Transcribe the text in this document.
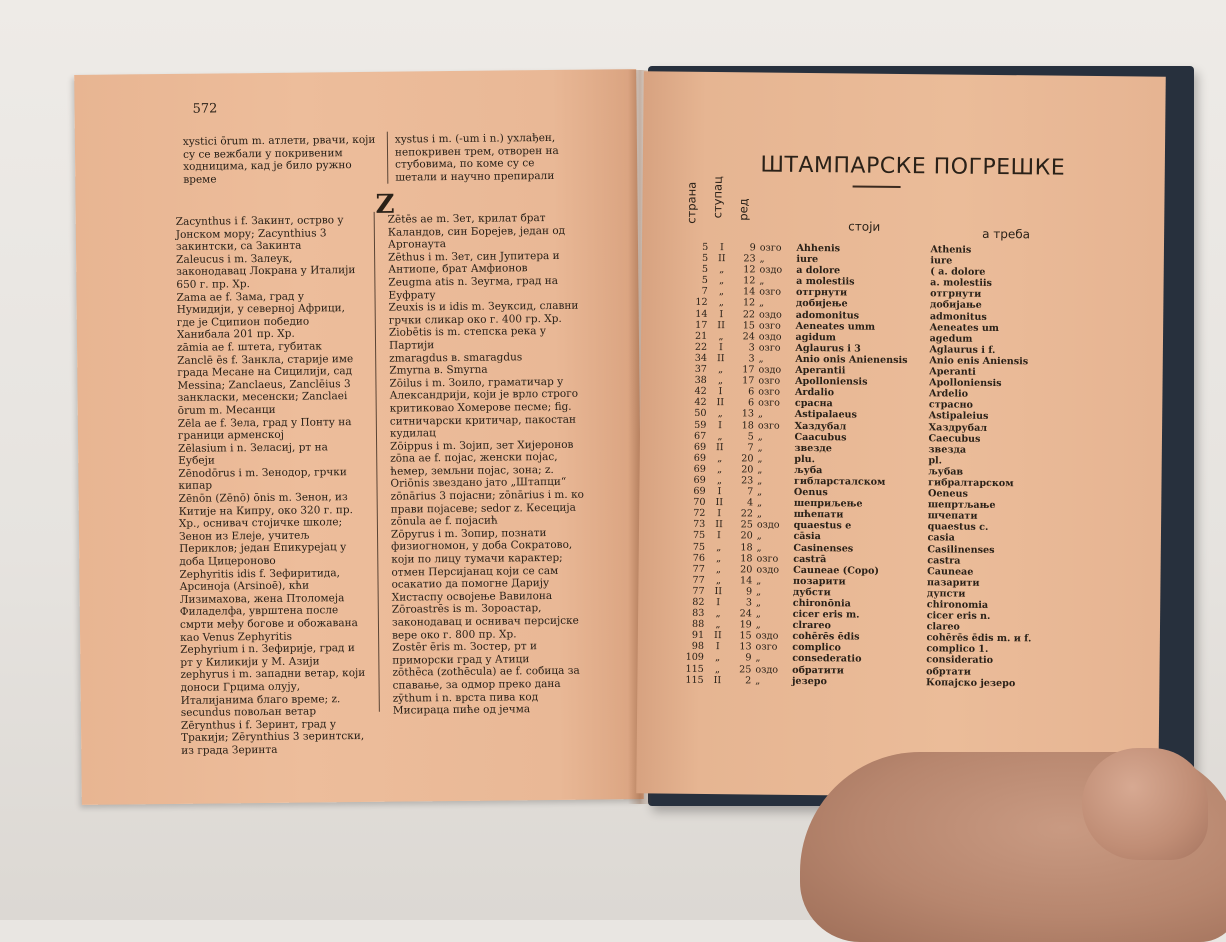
572

xystici ōrum m. атлети, рвачи, који су се вежбали у покривеним ходницима, кад је било ружно време

xystus i m. (-um i n.) ухлађен, непокривен трем, отворен на стубовима, по коме су се шетали и научно препирали

Z

Zacynthus i f. Закинт, острво у Јонском мору; Zacynthius 3 закинтски, са Закинта

Zaleucus i m. Залеук, законодавац Локрана у Италији 650 г. пр. Хр.

Zama ae f. Зама, град у Нумидији, у северној Африци, где је Сципион победио Ханибала 201 пр. Хр.

zāmia ae f. штета, губитак

Zanclē ēs f. Занкла, старије име града Месане на Сицилији, сад Messina; Zanclaeus, Zanclēius 3 занкласки, месенски; Zanclaei ōrum m. Месанци

Zēla ae f. Зела, град у Понту на граници арменској

Zēlasium i n. Зеласиј, рт на Еубеји

Zēnodōrus i m. Зенодор, грчки кипар

Zēnōn (Zēnō) ōnis m. Зенон, из Китије на Кипру, око 320 г. пр. Хр., оснивач стојичке школе; Зенон из Елеје, учитељ Периклов; један Епикурејац у доба Цицероново

Zephyritis idis f. Зефиритида, Арсиноја (Arsinoē), кћи Лизимахова, жена Птоломеја Филаделфа, уврштена после смрти међу богове и обожавана као Venus Zephyritis

Zephyrium i n. Зефирије, град и рт у Киликији у М. Азији

zephyrus i m. западни ветар, који доноси Грцима олују, Италијанима благо време; z. secundus повољан ветар

Zērynthus i f. Зеринт, град у Тракији; Zērynthius 3 зеринтски, из града Зеринта

Zētēs ae m. Зет, крилат брат Каландов, син Борејев, један од Аргонаута

Zēthus i m. Зет, син Јупитера и Антиопе, брат Амфионов

Zeugma atis n. Зеугма, град на Еуфрату

Zeuxis is и idis m. Зеуксид, славни грчки сликар око г. 400 гр. Хр.

Ziobētis is m. степска река у Партији

zmaragdus в. smaragdus

Zmyrna в. Smyrna

Zōilus i m. Зоило, граматичар у Александрији, који је врло строго критиковао Хомерове песме; fig. ситничарски критичар, пакостан кудилац

Zōippus i m. Зојип, зет Хијеронов

zōna ae f. појас, женски појас, ћемер, земљни појас, зона; z. Oriōnis звездано јато „Штапци“

zōnārius 3 појасни; zōnārius i m. ко прави појасеве; sedor z. Кесеција

zōnula ae f. појасић

Zōpyrus i m. Зопир, познати физиогномон, у доба Сократово, који по лицу тумачи карактер; отмен Персијанац који се сам осакатио да помогне Дарију Хистаспу освојење Вавилона

Zōroastrēs is m. Зороастар, законодавац и оснивач персијске вере око г. 800 пр. Хр.

Zostēr ēris m. Зостер, рт и приморски град у Атици

zōthēca (zothēcula) ae f. собица за спавање, за одмор преко дана

zȳthum i n. врста пива код Мисираца пиће од јечма

ШТАМПАРСКЕ ПОГРЕШКЕ
страна ступац ред
стоји
а треба
5	I	9	озго	Ahhenis	Athenis
5	II	23	„	iure	iure
5	„	12	оздо	a dolore	( a. dolore
5	„	12	„	a molestiis	a. molestiis
7	„	14	озго	отгрнути	отгрнути
12	„	12	„	добијење	добијање
14	I	22	оздо	adomonitus	admonitus
17	II	15	озго	Aeneates umm	Aeneates um
21	„	24	оздо	agidum	agedum
22	I	3	озго	Aglaurus i 3	Aglaurus i f.
34	II	3	„	Anio onis Anienensis	Anio enis Aniensis
37	„	17	оздо	Aperantii	Aperanti
38	„	17	озго	Apolloniensis	Apolloniensis
42	I	6	озго	Ardalio	Ardelio
42	II	6	озго	срасна	страсно
50	„	13	„	Astipalaeus	Astipaleius
59	I	18	озго	Хаздубал	Хаздрубал
67	„	5	„	Caacubus	Caecubus
69	II	7	„	звезде	звезда
69	„	20	„	plu.	pl.
69	„	20	„	љуба	љубав
69	„	23	„	гибларсталском	гибралтарском
69	I	7	„	Oenus	Oeneus
70	II	4	„	шеприљење	шепртљање
72	I	22	„	шћепати	шчепати
73	II	25	оздо	quaestus e	quaestus c.
75	I	20	„	cāsia	casia
75	„	18	„	Casinenses	Casilinenses
76	„	18	озго	castrā	castra
77	„	20	оздо	Cauneae (Copo)	Cauneae
77	„	14	„	позарити	пазарити
77	II	9	„	дубсти	дупсти
82	I	3	„	chironōnia	chironomia
83	„	24	„	cicer eris m.	cicer eris n.
88	„	19	„	clrareo	clareo
91	II	15	оздо	cohērēs ēdis	cohērēs ēdis m. и f.
98	I	13	озго	complico	complico 1.
109	„	9	„	consederatio	consideratio
115	„	25	оздо	обратити	обртати
115	II	2	„	језеро	Копајско језеро
